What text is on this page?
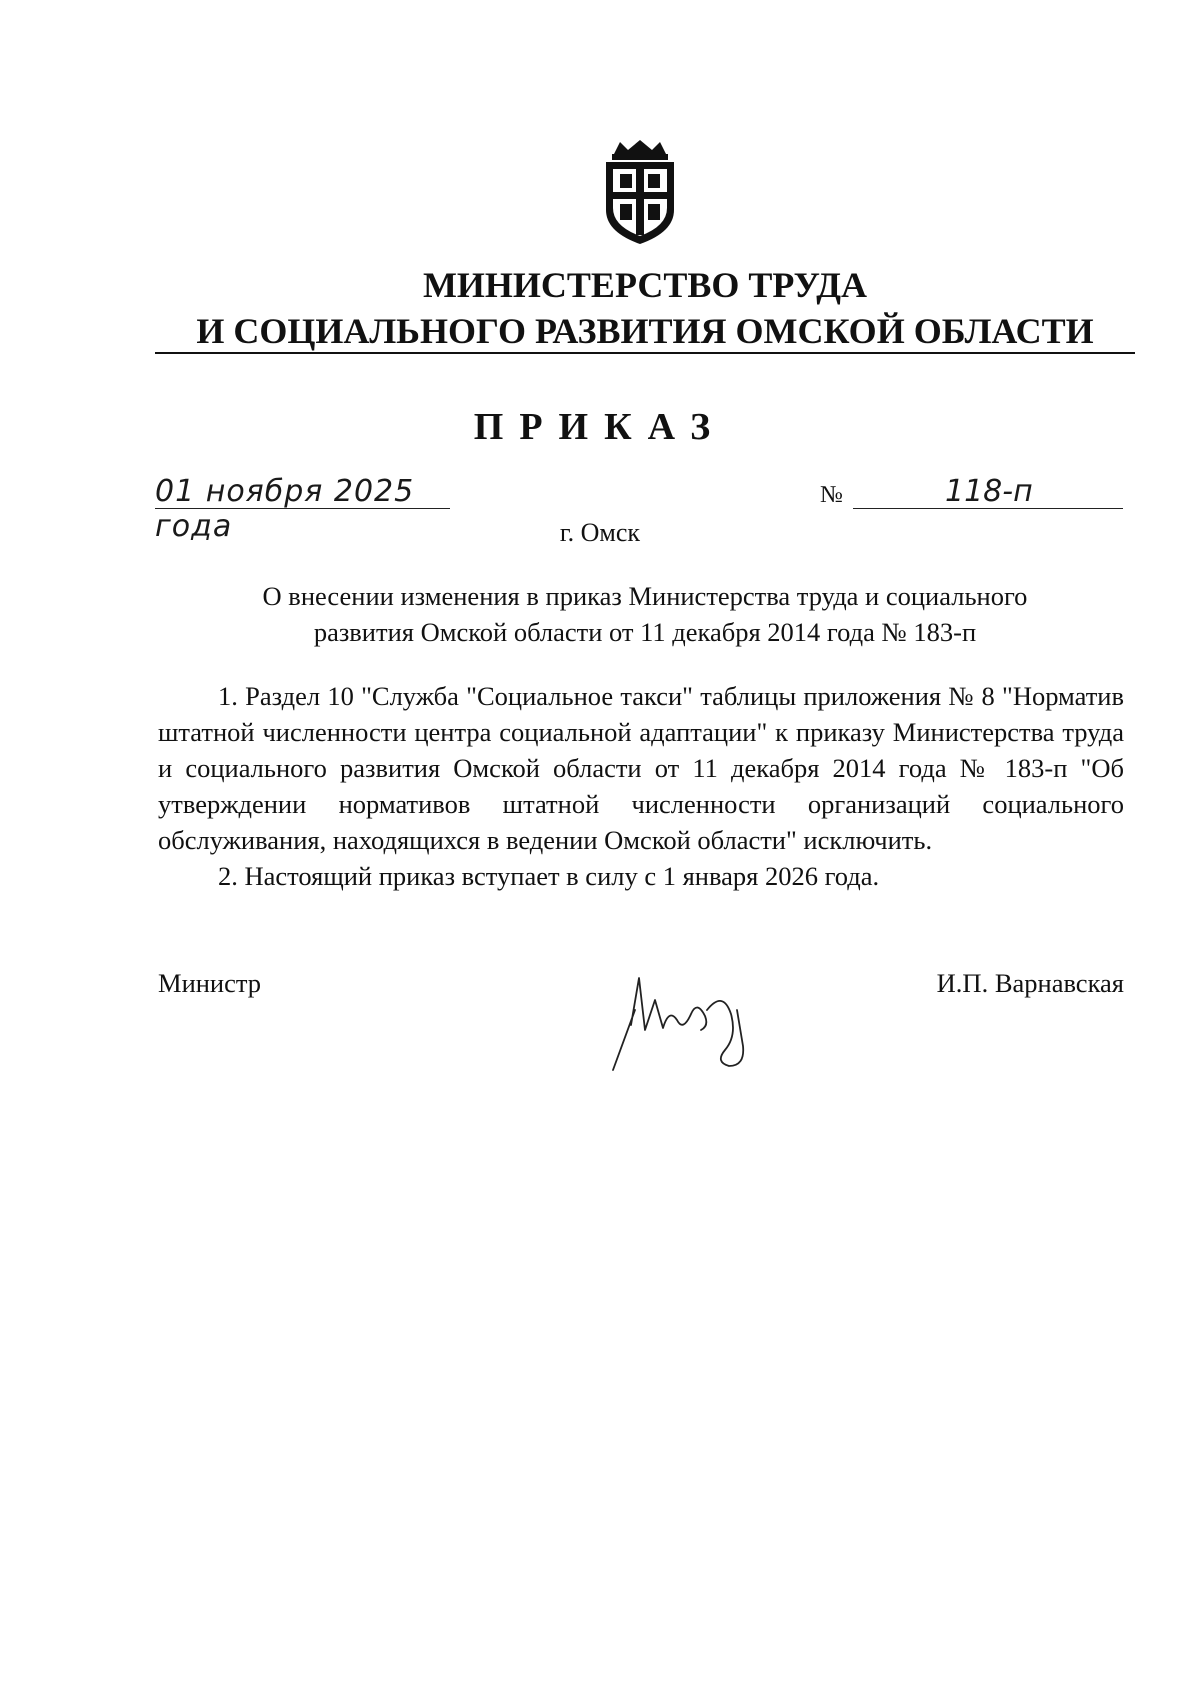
МИНИСТЕРСТВО ТРУДА
И СОЦИАЛЬНОГО РАЗВИТИЯ ОМСКОЙ ОБЛАСТИ
ПРИКАЗ
01 ноября 2025 года
№	118-п
г. Омск
О внесении изменения в приказ Министерства труда и социального
развития Омской области от 11 декабря 2014 года № 183-п

1. Раздел 10 "Служба "Социальное такси" таблицы приложения № 8 "Норматив штатной численности центра социальной адаптации" к приказу Министерства труда и социального развития Омской области от 11 декабря 2014 года № 183-п "Об утверждении нормативов штатной численности организаций социального обслуживания, находящихся в ведении Омской области" исключить.

2. Настоящий приказ вступает в силу с 1 января 2026 года.

Министр	И.П. Варнавская
